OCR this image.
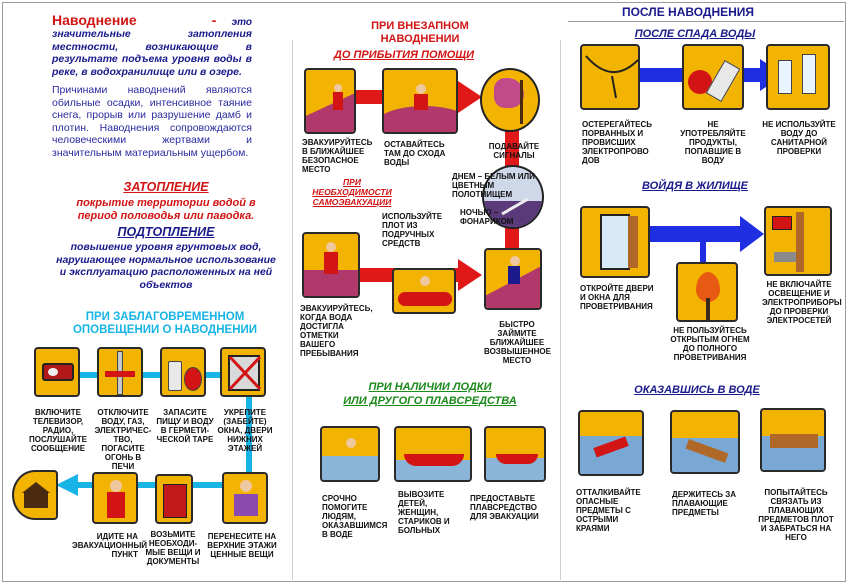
Наводнение	- это
значительные затопления местности, возникающие в результате подъема уровня воды в реке, в водохранилище или в озере.
Причинами наводнений являются обильные осадки, интенсивное таяние снега, прорыв или разрушение дамб и плотин. Наводнения сопровождаются человеческими жертвами и значительным материальным ущербом.
ЗАТОПЛЕНИЕ
покрытие территории водой в период половодья или паводка.
ПОДТОПЛЕНИЕ
повышение уровня грунтовых вод, нарушающее нормальное использование и эксплуатацию расположенных на ней объектов
ПРИ ЗАБЛАГОВРЕМЕННОМ
ОПОВЕЩЕНИИ О НАВОДНЕНИИ
ВКЛЮЧИТЕ ТЕЛЕВИЗОР, РАДИО, ПОСЛУШАЙТЕ СООБЩЕНИЕ
ОТКЛЮЧИТЕ ВОДУ, ГАЗ, ЭЛЕКТРИЧЕС-ТВО, ПОГАСИТЕ ОГОНЬ В ПЕЧИ
ЗАПАСИТЕ ПИЩУ И ВОДУ В ГЕРМЕТИ-ЧЕСКОЙ ТАРЕ
УКРЕПИТЕ (ЗАБЕЙТЕ) ОКНА, ДВЕРИ НИЖНИХ ЭТАЖЕЙ
ИДИТЕ НА ЭВАКУАЦИОННЫЙ ПУНКТ
ВОЗЬМИТЕ НЕОБХОДИ-МЫЕ ВЕЩИ И ДОКУМЕНТЫ
ПЕРЕНЕСИТЕ НА ВЕРХНИЕ ЭТАЖИ ЦЕННЫЕ ВЕЩИ
ПРИ ВНЕЗАПНОМ
НАВОДНЕНИИ
ДО ПРИБЫТИЯ ПОМОЩИ
ЭВАКУИРУЙТЕСЬ В БЛИЖАЙШЕЕ БЕЗОПАСНОЕ МЕСТО
ОСТАВАЙТЕСЬ ТАМ ДО СХОДА ВОДЫ
ПОДАВАЙТЕ СИГНАЛЫ
ДНЕМ – БЕЛЫМ ИЛИ ЦВЕТНЫМ ПОЛОТНИЩЕМ
НОЧЬЮ – ФОНАРИКОМ
ПРИ
НЕОБХОДИМОСТИ
САМОЭВАКУАЦИИ
ИСПОЛЬЗУЙТЕ ПЛОТ ИЗ ПОДРУЧНЫХ СРЕДСТВ
ЭВАКУИРУЙТЕСЬ, КОГДА ВОДА ДОСТИГЛА ОТМЕТКИ ВАШЕГО ПРЕБЫВАНИЯ
БЫСТРО ЗАЙМИТЕ БЛИЖАЙШЕЕ ВОЗВЫШЕННОЕ МЕСТО
ПРИ НАЛИЧИИ ЛОДКИ
ИЛИ ДРУГОГО ПЛАВСРЕДСТВА
СРОЧНО ПОМОГИТЕ ЛЮДЯМ, ОКАЗАВШИМСЯ В ВОДЕ
ВЫВОЗИТЕ ДЕТЕЙ, ЖЕНЩИН, СТАРИКОВ И БОЛЬНЫХ
ПРЕДОСТАВЬТЕ ПЛАВСРЕДСТВО ДЛЯ ЭВАКУАЦИИ
ПОСЛЕ НАВОДНЕНИЯ
ПОСЛЕ СПАДА ВОДЫ
ОСТЕРЕГАЙТЕСЬ ПОРВАННЫХ И ПРОВИСШИХ ЭЛЕКТРОПРОВО ДОВ
НЕ УПОТРЕБЛЯЙТЕ ПРОДУКТЫ, ПОПАВШИЕ В ВОДУ
НЕ ИСПОЛЬЗУЙТЕ ВОДУ ДО САНИТАРНОЙ ПРОВЕРКИ
ВОЙДЯ В ЖИЛИЩЕ
ОТКРОЙТЕ ДВЕРИ И ОКНА ДЛЯ ПРОВЕТРИВАНИЯ
НЕ ПОЛЬЗУЙТЕСЬ ОТКРЫТЫМ ОГНЕМ ДО ПОЛНОГО ПРОВЕТРИВАНИЯ
НЕ ВКЛЮЧАЙТЕ ОСВЕЩЕНИЕ И ЭЛЕКТРОПРИБОРЫ ДО ПРОВЕРКИ ЭЛЕКТРОСЕТЕЙ
ОКАЗАВШИСЬ В ВОДЕ
ОТТАЛКИВАЙТЕ ОПАСНЫЕ ПРЕДМЕТЫ С ОСТРЫМИ КРАЯМИ
ДЕРЖИТЕСЬ ЗА ПЛАВАЮЩИЕ ПРЕДМЕТЫ
ПОПЫТАЙТЕСЬ СВЯЗАТЬ ИЗ ПЛАВАЮЩИХ ПРЕДМЕТОВ ПЛОТ И ЗАБРАТЬСЯ НА НЕГО
